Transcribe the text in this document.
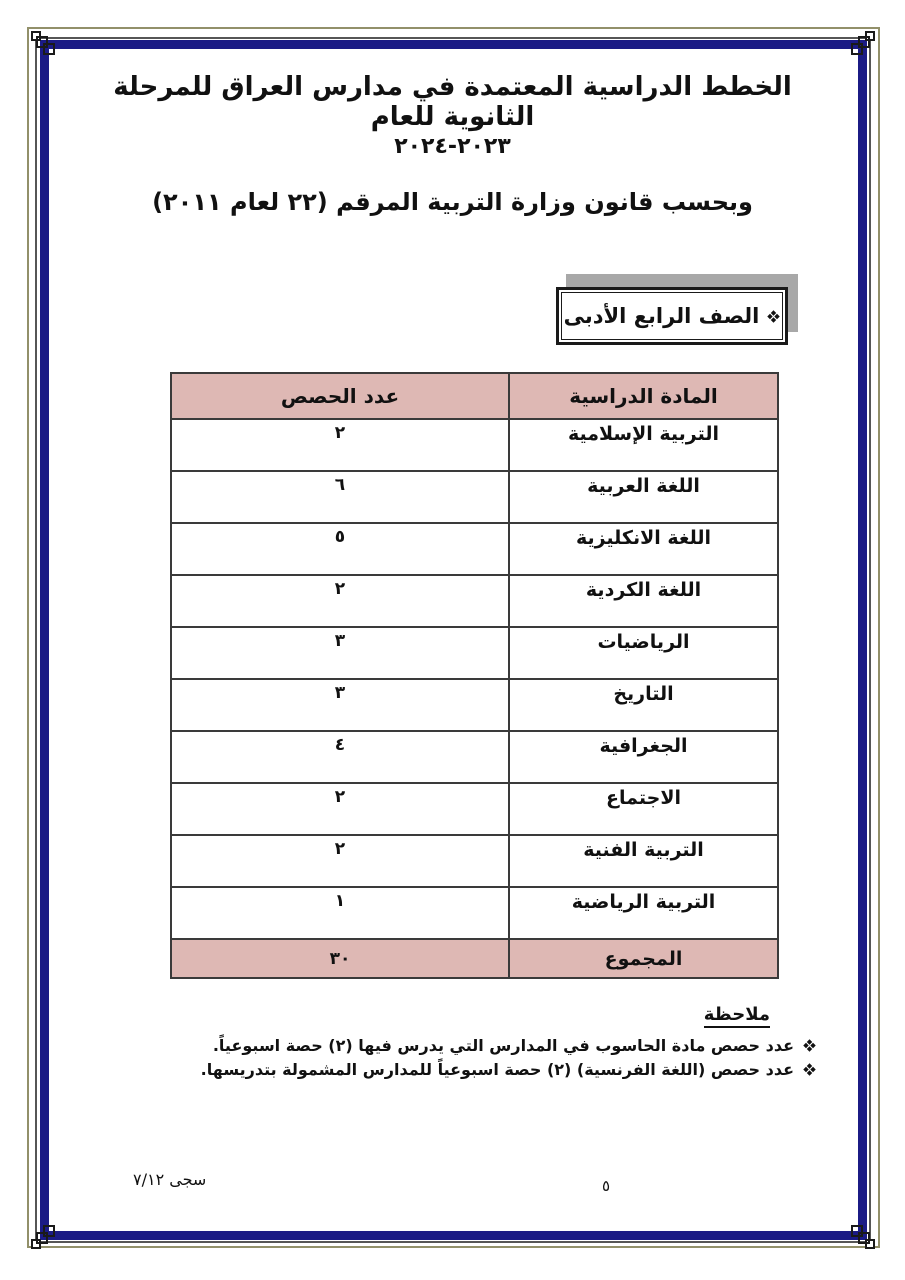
الخطط الدراسية المعتمدة في مدارس العراق للمرحلة الثانوية للعام
٢٠٢٣-٢٠٢٤
وبحسب قانون وزارة التربية المرقم (٢٢ لعام ٢٠١١)
الصف الرابع الأدبى
المادة الدراسية	عدد الحصص
التربية الإسلامية	٢
اللغة العربية	٦
اللغة الانكليزية	٥
اللغة الكردية	٢
الرياضيات	٣
التاريخ	٣
الجغرافية	٤
الاجتماع	٢
التربية الفنية	٢
التربية الرياضية	١
المجموع	٣٠
ملاحظة
عدد حصص مادة الحاسوب في المدارس التي يدرس فيها (٢) حصة اسبوعياً.
عدد حصص (اللغة الفرنسية) (٢) حصة اسبوعياً للمدارس المشمولة بتدريسها.
سجى ٧/١٢	٥
